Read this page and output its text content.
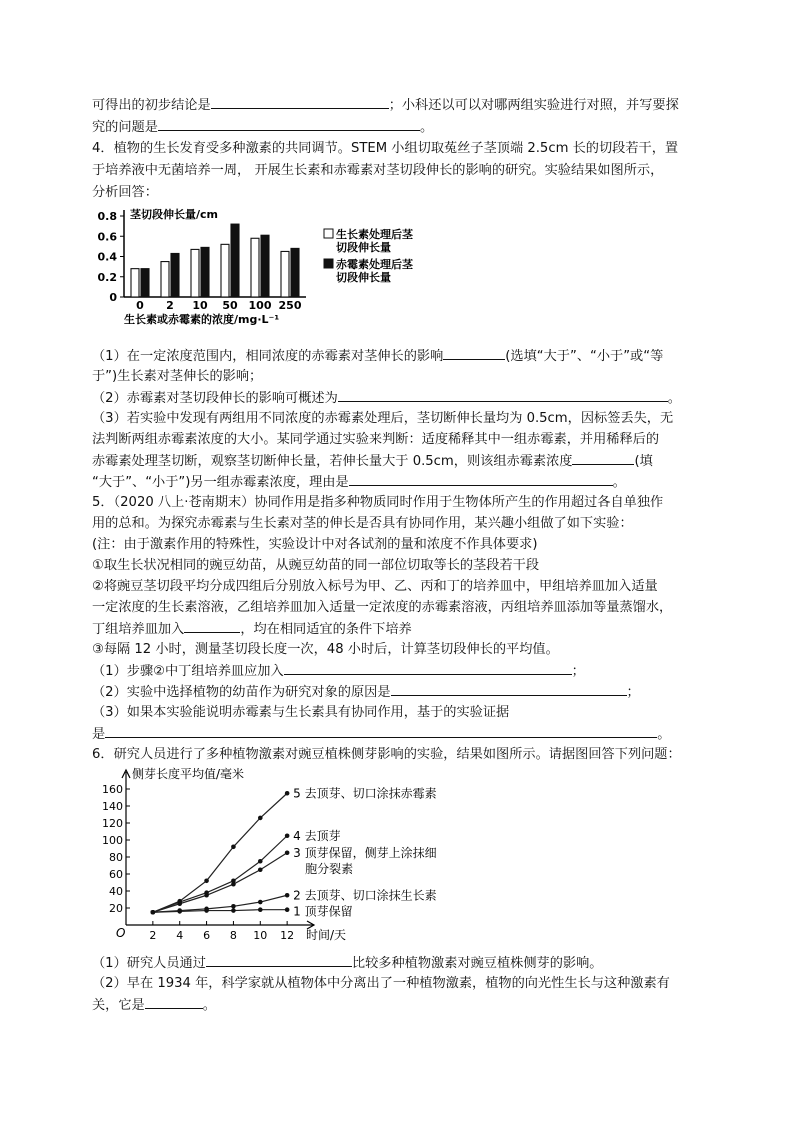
可得出的初步结论是	；小科还以可以对哪两组实验进行对照，并写要探
究的问题是	。
4．植物的生长发育受多种激素的共同调节。STEM 小组切取菟丝子茎顶端 2.5cm 长的切段若干，置
于培养液中无菌培养一周， 开展生长素和赤霉素对茎切段伸长的影响的研究。实验结果如图所示，
分析回答：
0
0.2
0.4
0.6
0.8 茎切段伸长量/cm
0 2 10 50 100 250
生长素或赤霉素的浓度/mg·L⁻¹
生长素处理后茎
切段伸长量
赤霉素处理后茎
切段伸长量
（1）在一定浓度范围内，相同浓度的赤霉素对茎伸长的影响	(选填“大于”、“小于”或“等
于”)生长素对茎伸长的影响；
（2）赤霉素对茎切段伸长的影响可概述为	。
（3）若实验中发现有两组用不同浓度的赤霉素处理后，茎切断伸长量均为 0.5cm，因标签丢失，无
法判断两组赤霉素浓度的大小。某同学通过实验来判断：适度稀释其中一组赤霉素，并用稀释后的
赤霉素处理茎切断，观察茎切断伸长量，若伸长量大于 0.5cm，则该组赤霉素浓度	(填
“大于”、“小于”)另一组赤霉素浓度，理由是	。
5．（2020 八上·苍南期末）协同作用是指多种物质同时作用于生物体所产生的作用超过各自单独作
用的总和。为探究赤霉素与生长素对茎的伸长是否具有协同作用，某兴趣小组做了如下实验：
(注：由于激素作用的特殊性，实验设计中对各试剂的量和浓度不作具体要求)
①取生长状况相同的豌豆幼苗，从豌豆幼苗的同一部位切取等长的茎段若干段
②将豌豆茎切段平均分成四组后分别放入标号为甲、乙、丙和丁的培养皿中，甲组培养皿加入适量
一定浓度的生长素溶液，乙组培养皿加入适量一定浓度的赤霉素溶液，丙组培养皿添加等量蒸馏水，
丁组培养皿加入	，均在相同适宜的条件下培养
③每隔 12 小时，测量茎切段长度一次，48 小时后，计算茎切段伸长的平均值。
（1）步骤②中丁组培养皿应加入	；
（2）实验中选择植物的幼苗作为研究对象的原因是	；
（3）如果本实验能说明赤霉素与生长素具有协同作用，基于的实验证据
是	。
6．研究人员进行了多种植物激素对豌豆植株侧芽影响的实验，结果如图所示。请据图回答下列问题：
侧芽长度平均值/毫米
O
20
40
60
80
100
120
140
160
2 4 6 8 10 12 时间/天
5 去顶芽、切口涂抹赤霉素
4 去顶芽
3 顶芽保留，侧芽上涂抹细
胞分裂素
2 去顶芽、切口涂抹生长素
1 顶芽保留
（1）研究人员通过	比较多种植物激素对豌豆植株侧芽的影响。
（2）早在 1934 年，科学家就从植物体中分离出了一种植物激素，植物的向光性生长与这种激素有
关，它是	。
